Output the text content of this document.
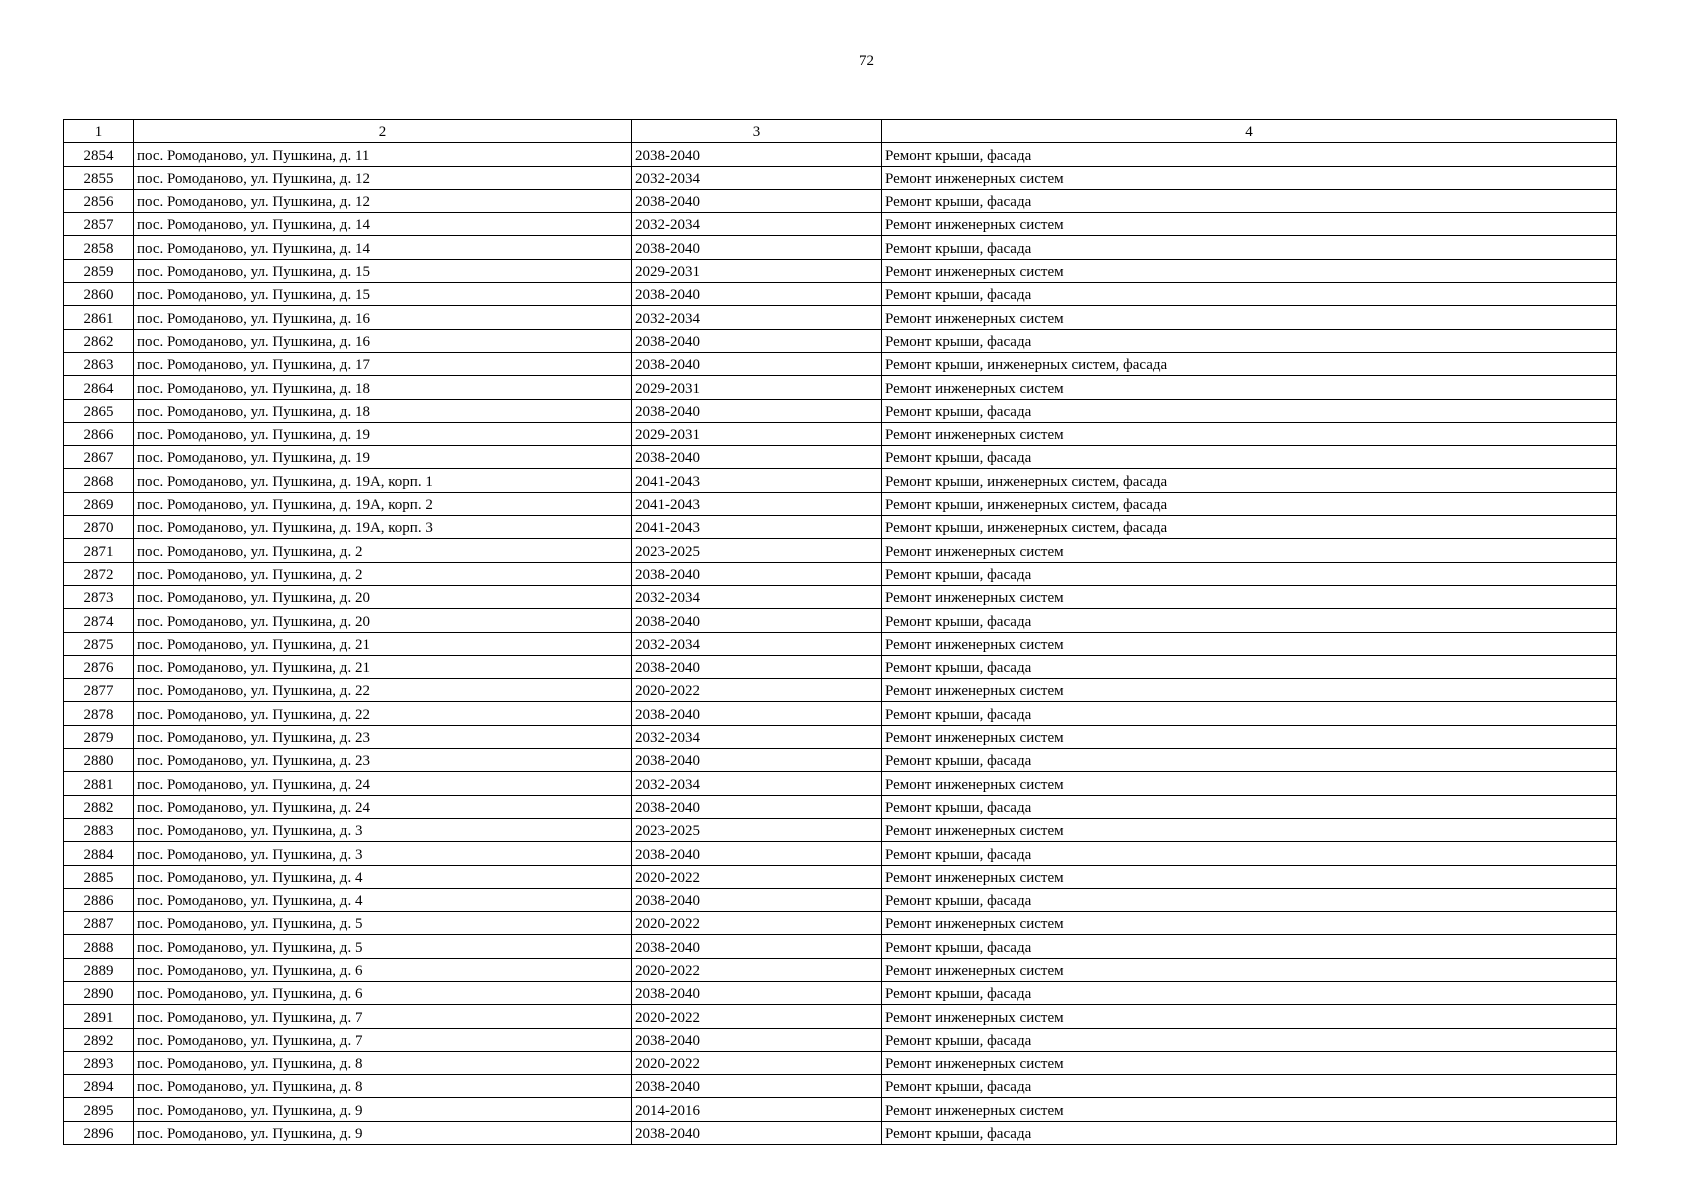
72
1	2	3	4
2854	пос. Ромоданово, ул. Пушкина, д. 11	2038-2040	Ремонт крыши, фасада
2855	пос. Ромоданово, ул. Пушкина, д. 12	2032-2034	Ремонт инженерных систем
2856	пос. Ромоданово, ул. Пушкина, д. 12	2038-2040	Ремонт крыши, фасада
2857	пос. Ромоданово, ул. Пушкина, д. 14	2032-2034	Ремонт инженерных систем
2858	пос. Ромоданово, ул. Пушкина, д. 14	2038-2040	Ремонт крыши, фасада
2859	пос. Ромоданово, ул. Пушкина, д. 15	2029-2031	Ремонт инженерных систем
2860	пос. Ромоданово, ул. Пушкина, д. 15	2038-2040	Ремонт крыши, фасада
2861	пос. Ромоданово, ул. Пушкина, д. 16	2032-2034	Ремонт инженерных систем
2862	пос. Ромоданово, ул. Пушкина, д. 16	2038-2040	Ремонт крыши, фасада
2863	пос. Ромоданово, ул. Пушкина, д. 17	2038-2040	Ремонт крыши, инженерных систем, фасада
2864	пос. Ромоданово, ул. Пушкина, д. 18	2029-2031	Ремонт инженерных систем
2865	пос. Ромоданово, ул. Пушкина, д. 18	2038-2040	Ремонт крыши, фасада
2866	пос. Ромоданово, ул. Пушкина, д. 19	2029-2031	Ремонт инженерных систем
2867	пос. Ромоданово, ул. Пушкина, д. 19	2038-2040	Ремонт крыши, фасада
2868	пос. Ромоданово, ул. Пушкина, д. 19А, корп. 1	2041-2043	Ремонт крыши, инженерных систем, фасада
2869	пос. Ромоданово, ул. Пушкина, д. 19А, корп. 2	2041-2043	Ремонт крыши, инженерных систем, фасада
2870	пос. Ромоданово, ул. Пушкина, д. 19А, корп. 3	2041-2043	Ремонт крыши, инженерных систем, фасада
2871	пос. Ромоданово, ул. Пушкина, д. 2	2023-2025	Ремонт инженерных систем
2872	пос. Ромоданово, ул. Пушкина, д. 2	2038-2040	Ремонт крыши, фасада
2873	пос. Ромоданово, ул. Пушкина, д. 20	2032-2034	Ремонт инженерных систем
2874	пос. Ромоданово, ул. Пушкина, д. 20	2038-2040	Ремонт крыши, фасада
2875	пос. Ромоданово, ул. Пушкина, д. 21	2032-2034	Ремонт инженерных систем
2876	пос. Ромоданово, ул. Пушкина, д. 21	2038-2040	Ремонт крыши, фасада
2877	пос. Ромоданово, ул. Пушкина, д. 22	2020-2022	Ремонт инженерных систем
2878	пос. Ромоданово, ул. Пушкина, д. 22	2038-2040	Ремонт крыши, фасада
2879	пос. Ромоданово, ул. Пушкина, д. 23	2032-2034	Ремонт инженерных систем
2880	пос. Ромоданово, ул. Пушкина, д. 23	2038-2040	Ремонт крыши, фасада
2881	пос. Ромоданово, ул. Пушкина, д. 24	2032-2034	Ремонт инженерных систем
2882	пос. Ромоданово, ул. Пушкина, д. 24	2038-2040	Ремонт крыши, фасада
2883	пос. Ромоданово, ул. Пушкина, д. 3	2023-2025	Ремонт инженерных систем
2884	пос. Ромоданово, ул. Пушкина, д. 3	2038-2040	Ремонт крыши, фасада
2885	пос. Ромоданово, ул. Пушкина, д. 4	2020-2022	Ремонт инженерных систем
2886	пос. Ромоданово, ул. Пушкина, д. 4	2038-2040	Ремонт крыши, фасада
2887	пос. Ромоданово, ул. Пушкина, д. 5	2020-2022	Ремонт инженерных систем
2888	пос. Ромоданово, ул. Пушкина, д. 5	2038-2040	Ремонт крыши, фасада
2889	пос. Ромоданово, ул. Пушкина, д. 6	2020-2022	Ремонт инженерных систем
2890	пос. Ромоданово, ул. Пушкина, д. 6	2038-2040	Ремонт крыши, фасада
2891	пос. Ромоданово, ул. Пушкина, д. 7	2020-2022	Ремонт инженерных систем
2892	пос. Ромоданово, ул. Пушкина, д. 7	2038-2040	Ремонт крыши, фасада
2893	пос. Ромоданово, ул. Пушкина, д. 8	2020-2022	Ремонт инженерных систем
2894	пос. Ромоданово, ул. Пушкина, д. 8	2038-2040	Ремонт крыши, фасада
2895	пос. Ромоданово, ул. Пушкина, д. 9	2014-2016	Ремонт инженерных систем
2896	пос. Ромоданово, ул. Пушкина, д. 9	2038-2040	Ремонт крыши, фасада
